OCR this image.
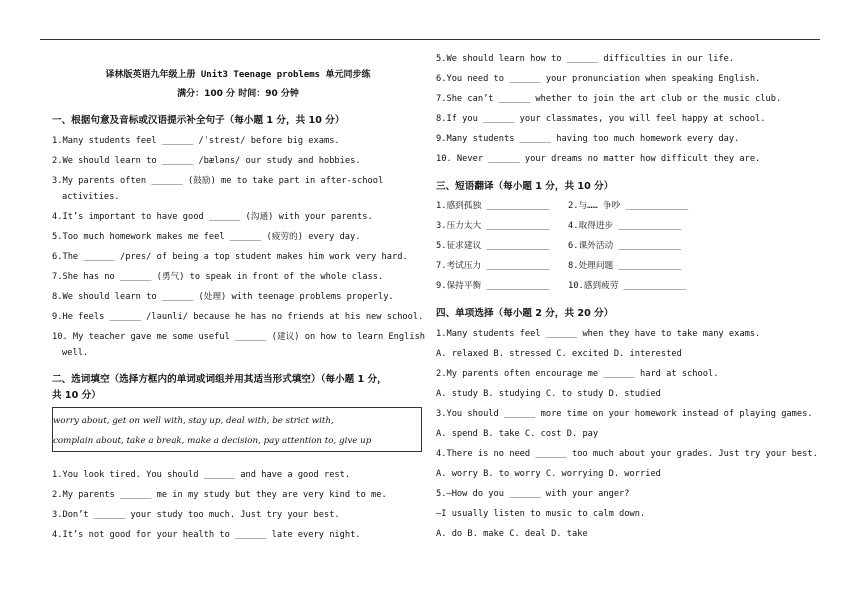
译林版英语九年级上册 Unit3 Teenage problems 单元同步练
满分：100 分 时间：90 分钟
一、根据句意及音标或汉语提示补全句子（每小题 1 分，共 10 分）
1.Many students feel ______ /ˈstrest/ before big exams.
2.We should learn to ______ /bæləns/ our study and hobbies.
3.My parents often ______ (鼓励) me to take part in after-school
activities.
4.It’s important to have good ______ (沟通) with your parents.
5.Too much homework makes me feel ______ (疲劳的) every day.
6.The ______ /pres/ of being a top student makes him work very hard.
7.She has no ______ (勇气) to speak in front of the whole class.
8.We should learn to ______ (处理) with teenage problems properly.
9.He feels ______ /ləunli/ because he has no friends at his new school.
10. My teacher gave me some useful ______ (建议) on how to learn English
well.
二、选词填空（选择方框内的单词或词组并用其适当形式填空）（每小题 1 分，
共 10 分）
1.You look tired. You should ______ and have a good rest.
2.My parents ______ me in my study but they are very kind to me.
3.Don’t ______ your study too much. Just try your best.
4.It’s not good for your health to ______ late every night.
worry about, get on well with, stay up, deal with, be strict with,
complain about, take a break, make a decision, pay attention to, give up
5.We should learn how to ______ difficulties in our life.
6.You need to ______ your pronunciation when speaking English.
7.She can’t ______ whether to join the art club or the music club.
8.If you ______ your classmates, you will feel happy at school.
9.Many students ______ having too much homework every day.
10. Never ______ your dreams no matter how difficult they are.
三、短语翻译（每小题 1 分，共 10 分）
1.感到孤独 ____________ 2.与…… 争吵 ____________
3.压力太大 ____________ 4.取得进步 ____________
5.征求建议 ____________ 6.课外活动 ____________
7.考试压力 ____________ 8.处理问题 ____________
9.保持平衡 ____________ 10.感到疲劳 ____________
四、单项选择（每小题 2 分，共 20 分）
1.Many students feel ______ when they have to take many exams.
A. relaxed B. stressed C. excited D. interested
2.My parents often encourage me ______ hard at school.
A. study B. studying C. to study D. studied
3.You should ______ more time on your homework instead of playing games.
A. spend B. take C. cost D. pay
4.There is no need ______ too much about your grades. Just try your best.
A. worry B. to worry C. worrying D. worried
5.—How do you ______ with your anger?
—I usually listen to music to calm down.
A. do B. make C. deal D. take
